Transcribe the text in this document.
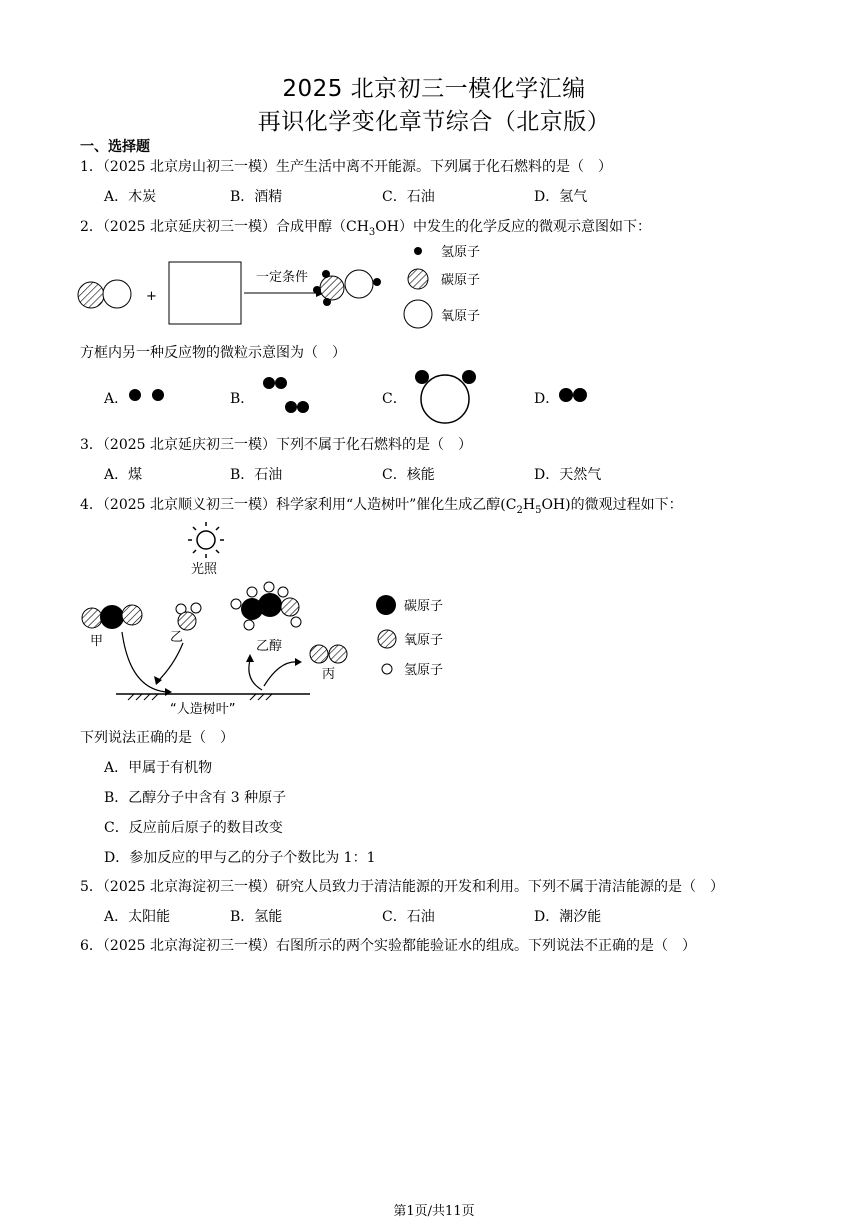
2025 北京初三一模化学汇编
再识化学变化章节综合（北京版）
一、选择题
1．（2025 北京房山初三一模）生产生活中离不开能源。下列属于化石燃料的是（　）
A．木炭	B．酒精	C．石油	D．氢气
2．（2025 北京延庆初三一模）合成甲醇$(CH_3OH)$中发生的化学反应的微观示意图如下：
+
一定条件
氢原子
碳原子
氧原子
方框内另一种反应物的微粒示意图为（　）
A．	B．	C．	D．
3．（2025 北京延庆初三一模）下列不属于化石燃料的是（　）
A．煤	B．石油	C．核能	D．天然气
4．（2025 北京顺义初三一模）科学家利用“人造树叶”催化生成乙醇$(C_2H_5OH)$的微观过程如下：
光照
甲	乙
乙醇
丙
“人造树叶”
碳原子
氧原子
氢原子
下列说法正确的是（　）
A．甲属于有机物
B．乙醇分子中含有 3 种原子
C．反应前后原子的数目改变
D．参加反应的甲与乙的分子个数比为 1：1
5．（2025 北京海淀初三一模）研究人员致力于清洁能源的开发和利用。下列不属于清洁能源的是（　）
A．太阳能	B．氢能	C．石油	D．潮汐能
6．（2025 北京海淀初三一模）右图所示的两个实验都能验证水的组成。下列说法不正确的是（　）
第1页/共11页
